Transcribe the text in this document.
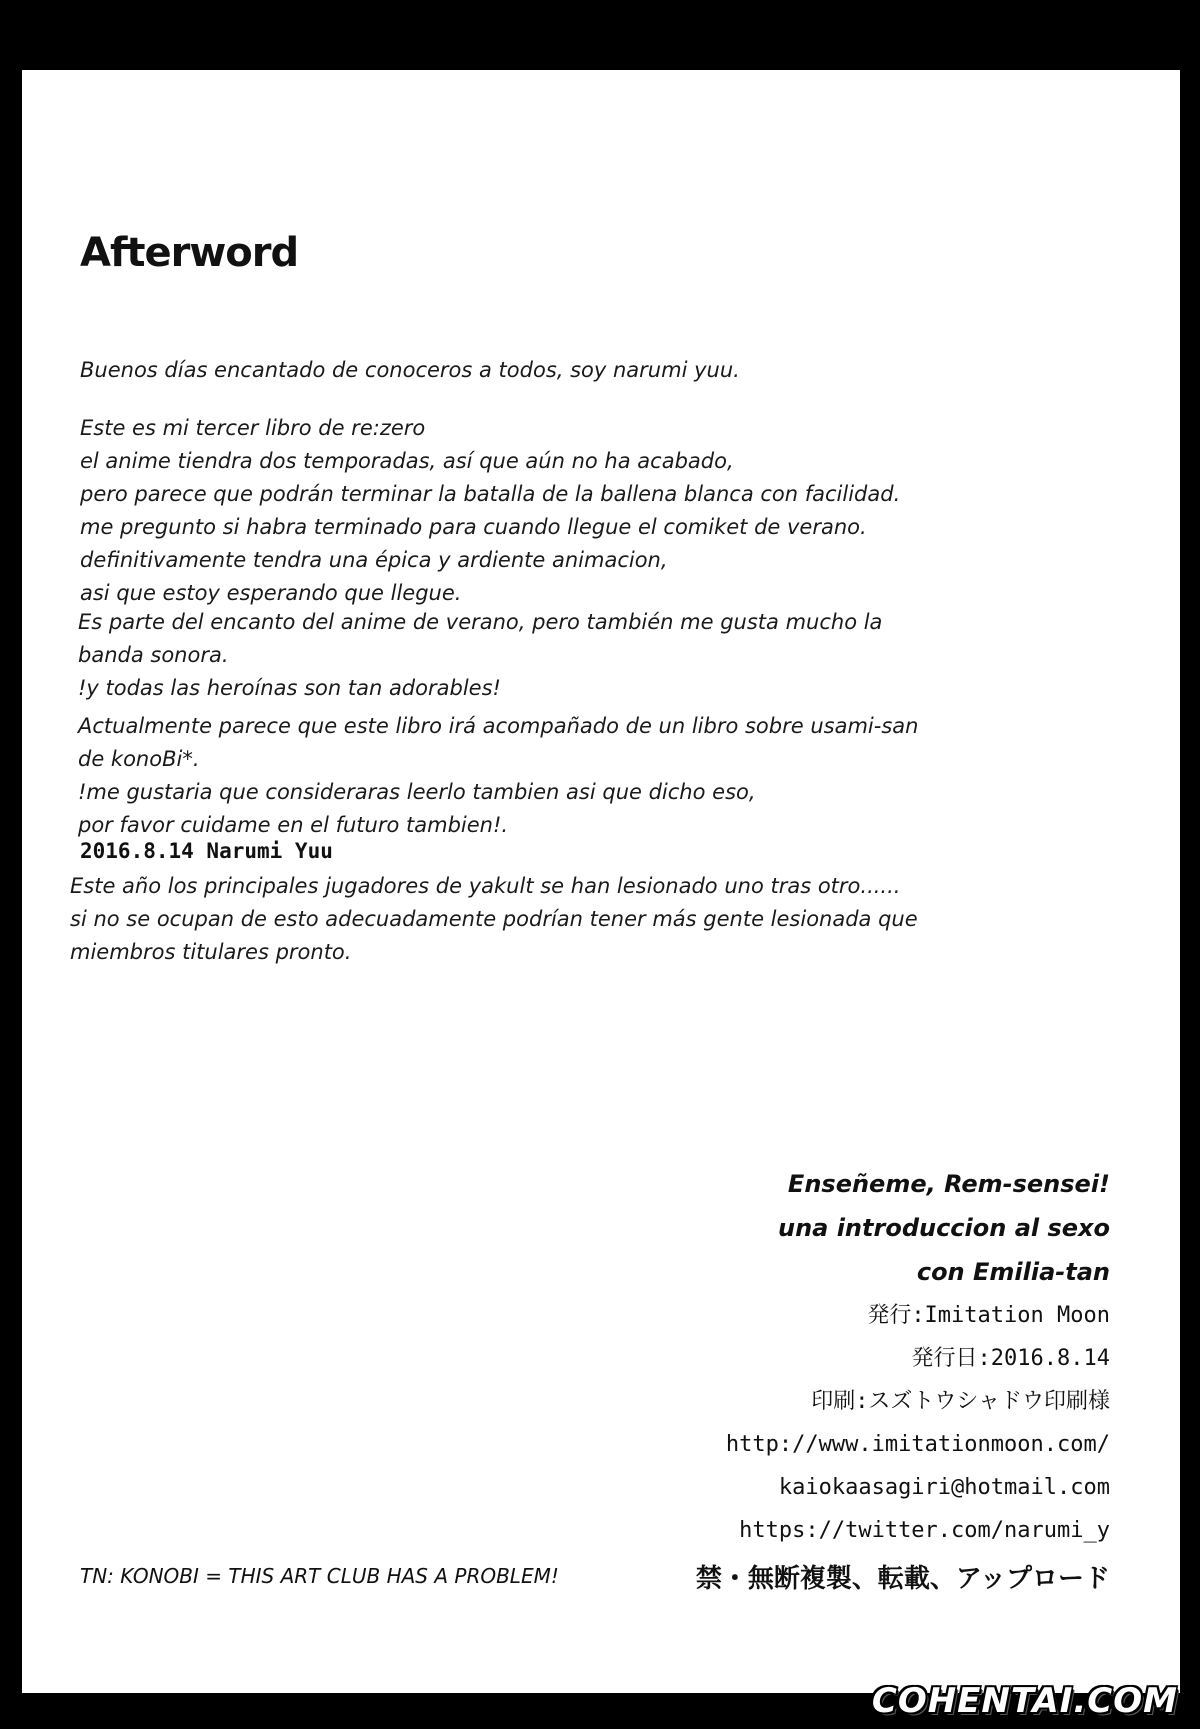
Afterword

Buenos días encantado de conoceros a todos, soy narumi yuu.

Este es mi tercer libro de re:zero
el anime tiendra dos temporadas, así que aún no ha acabado,
pero parece que podrán terminar la batalla de la ballena blanca con facilidad.
me pregunto si habra terminado para cuando llegue el comiket de verano.
definitivamente tendra una épica y ardiente animacion,
asi que estoy esperando que llegue.

Es parte del encanto del anime de verano, pero también me gusta mucho la
banda sonora.
!y todas las heroínas son tan adorables!

Actualmente parece que este libro irá acompañado de un libro sobre usami-san
de konoBi*.
!me gustaria que consideraras leerlo tambien asi que dicho eso,
por favor cuidame en el futuro tambien!.

2016.8.14 Narumi Yuu

Este año los principales jugadores de yakult se han lesionado uno tras otro......
si no se ocupan de esto adecuadamente podrían tener más gente lesionada que
miembros titulares pronto.

Enseñeme, Rem-sensei!
una introduccion al sexo
con Emilia-tan
発行:Imitation Moon
発行日:2016.8.14
印刷:スズトウシャドウ印刷様
http://www.imitationmoon.com/
kaiokaasagiri@hotmail.com
https://twitter.com/narumi_y

TN: KONOBI = THIS ART CLUB HAS A PROBLEM!	禁・無断複製、転載、アップロード

COHENTAI.COM
